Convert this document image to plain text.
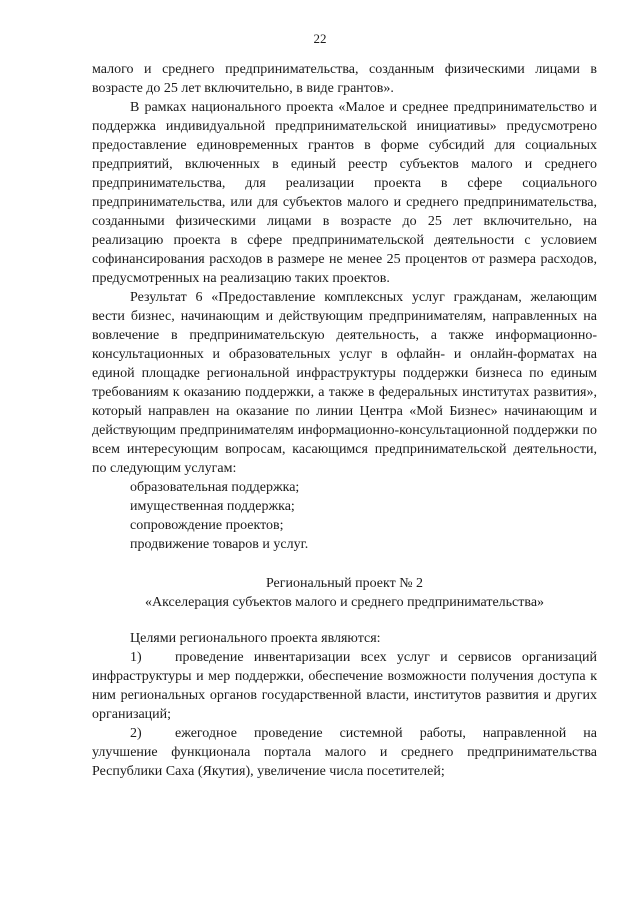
22

малого и среднего предпринимательства, созданным физическими лицами в возрасте до 25 лет включительно, в виде грантов».

В рамках национального проекта «Малое и среднее предпринимательство и поддержка индивидуальной предпринимательской инициативы» предусмотрено предоставление единовременных грантов в форме субсидий для социальных предприятий, включенных в единый реестр субъектов малого и среднего предпринимательства, для реализации проекта в сфере социального предпринимательства, или для субъектов малого и среднего предпринимательства, созданными физическими лицами в возрасте до 25 лет включительно, на реализацию проекта в сфере предпринимательской деятельности с условием софинансирования расходов в размере не менее 25 процентов от размера расходов, предусмотренных на реализацию таких проектов.

Результат 6 «Предоставление комплексных услуг гражданам, желающим вести бизнес, начинающим и действующим предпринимателям, направленных на вовлечение в предпринимательскую деятельность, а также информационно-консультационных и образовательных услуг в офлайн- и онлайн-форматах на единой площадке региональной инфраструктуры поддержки бизнеса по единым требованиям к оказанию поддержки, а также в федеральных институтах развития», который направлен на оказание по линии Центра «Мой Бизнес» начинающим и действующим предпринимателям информационно-консультационной поддержки по всем интересующим вопросам, касающимся предпринимательской деятельности, по следующим услугам:

образовательная поддержка;
имущественная поддержка;
сопровождение проектов;
продвижение товаров и услуг.
Региональный проект № 2
«Акселерация субъектов малого и среднего предпринимательства»

Целями регионального проекта являются:

1) проведение инвентаризации всех услуг и сервисов организаций инфраструктуры и мер поддержки, обеспечение возможности получения доступа к ним региональных органов государственной власти, институтов развития и других организаций;

2) ежегодное проведение системной работы, направленной на улучшение функционала портала малого и среднего предпринимательства Республики Саха (Якутия), увеличение числа посетителей;
